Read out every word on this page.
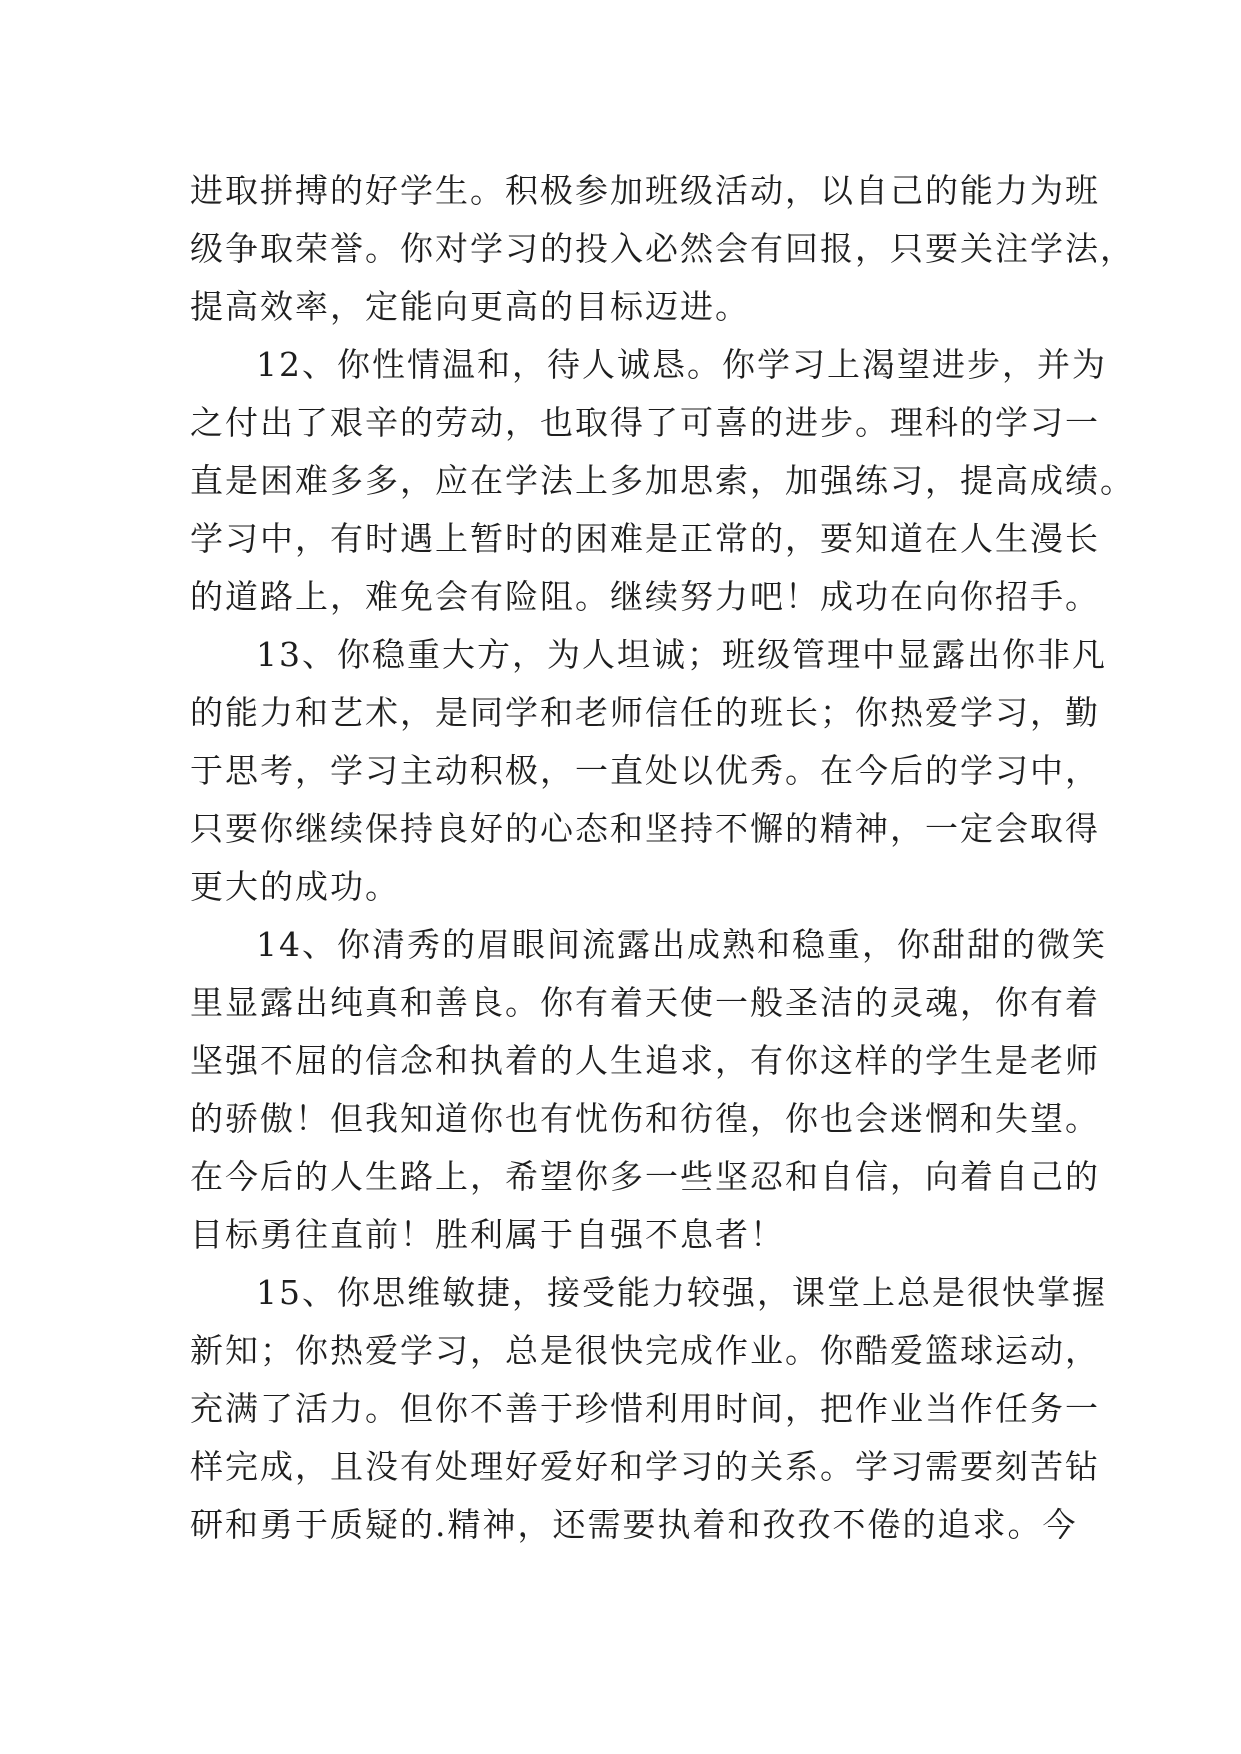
进取拼搏的好学生。积极参加班级活动，以自己的能力为班
级争取荣誉。你对学习的投入必然会有回报，只要关注学法，
提高效率，定能向更高的目标迈进。
12、你性情温和，待人诚恳。你学习上渴望进步，并为
之付出了艰辛的劳动，也取得了可喜的进步。理科的学习一
直是困难多多，应在学法上多加思索，加强练习，提高成绩。
学习中，有时遇上暂时的困难是正常的，要知道在人生漫长
的道路上，难免会有险阻。继续努力吧！成功在向你招手。
13、你稳重大方，为人坦诚；班级管理中显露出你非凡
的能力和艺术，是同学和老师信任的班长；你热爱学习，勤
于思考，学习主动积极，一直处以优秀。在今后的学习中，
只要你继续保持良好的心态和坚持不懈的精神，一定会取得
更大的成功。
14、你清秀的眉眼间流露出成熟和稳重，你甜甜的微笑
里显露出纯真和善良。你有着天使一般圣洁的灵魂，你有着
坚强不屈的信念和执着的人生追求，有你这样的学生是老师
的骄傲！但我知道你也有忧伤和彷徨，你也会迷惘和失望。
在今后的人生路上，希望你多一些坚忍和自信，向着自己的
目标勇往直前！胜利属于自强不息者！
15、你思维敏捷，接受能力较强，课堂上总是很快掌握
新知；你热爱学习，总是很快完成作业。你酷爱篮球运动，
充满了活力。但你不善于珍惜利用时间，把作业当作任务一
样完成，且没有处理好爱好和学习的关系。学习需要刻苦钻
研和勇于质疑的.精神，还需要执着和孜孜不倦的追求。今
